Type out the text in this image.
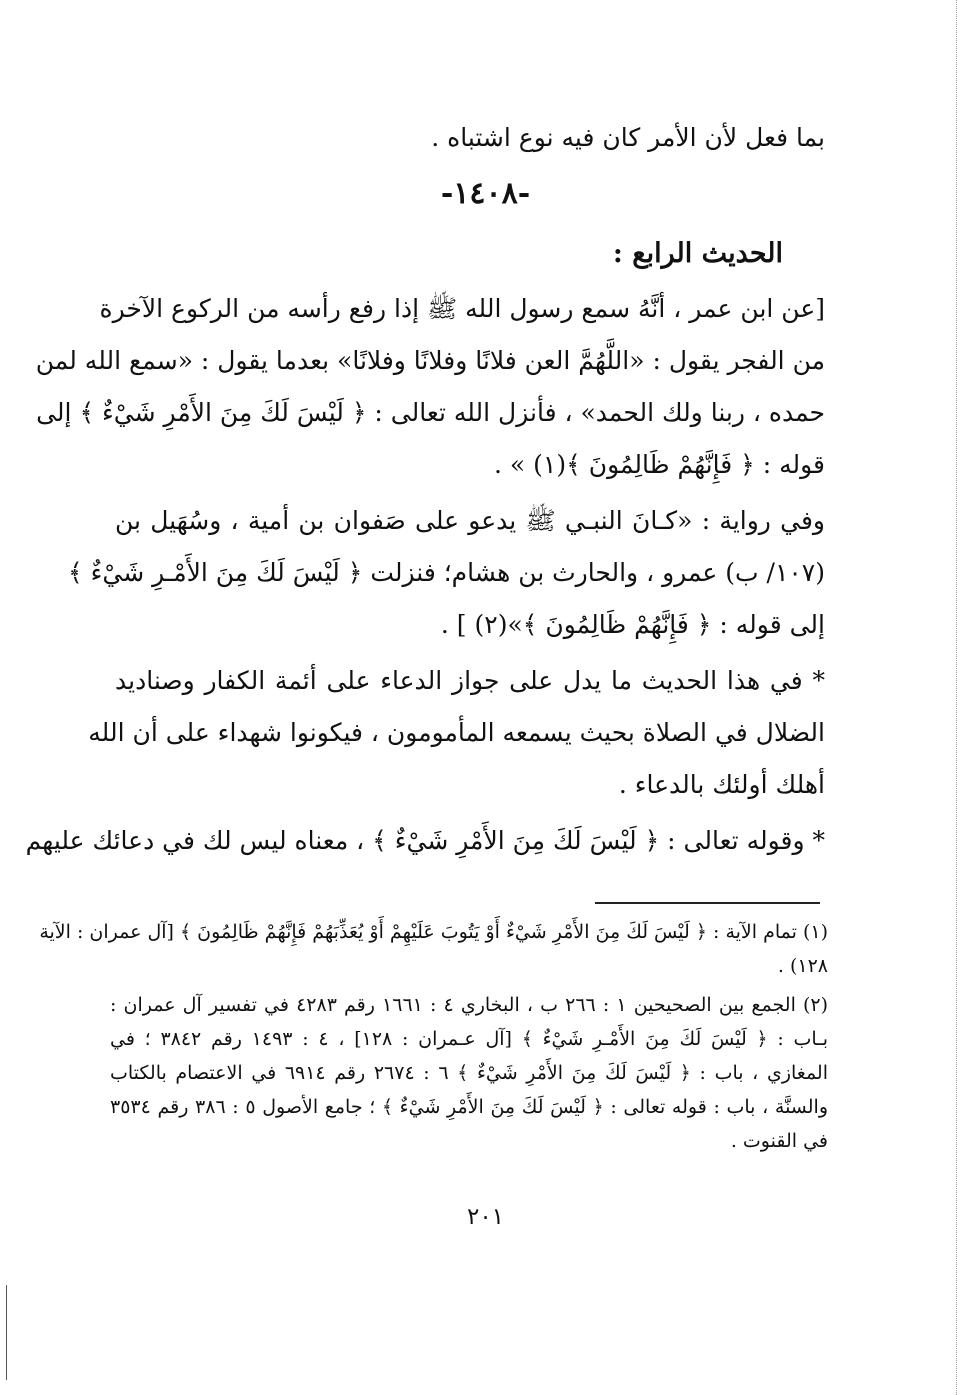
بما فعل لأن الأمر كان فيه نوع اشتباه .
-١٤٠٨-
الحديث الرابع :
[عن ابن عمر ، أنَّهُ سمع رسول الله ﷺ إذا رفع رأسه من الركوع الآخرة
من الفجر يقول : «اللَّهُمَّ العن فلانًا وفلانًا وفلانًا» بعدما يقول : «سمع الله لمن
حمده ، ربنا ولك الحمد» ، فأنزل الله تعالى : ﴿ لَيْسَ لَكَ مِنَ الأَمْرِ شَيْءٌ ﴾ إلى
قوله : ﴿ فَإِنَّهُمْ ظَالِمُونَ ﴾(١) » .
وفي رواية : «كـانَ النبـي ﷺ يدعو على صَفوان بن أمية ، وسُهَيل بن
(١٠٧/ ب) عمرو ، والحارث بن هشام؛ فنزلت ﴿ لَيْسَ لَكَ مِنَ الأَمْـرِ شَيْءٌ ﴾
إلى قوله : ﴿ فَإِنَّهُمْ ظَالِمُونَ ﴾»(٢) ] .
* في هذا الحديث ما يدل على جواز الدعاء على أئمة الكفار وصناديد
الضلال في الصلاة بحيث يسمعه المأمومون ، فيكونوا شهداء على أن الله
أهلك أولئك بالدعاء .
* وقوله تعالى : ﴿ لَيْسَ لَكَ مِنَ الأَمْرِ شَيْءٌ ﴾ ، معناه ليس لك في دعائك عليهم
(١) تمام الآية : ﴿ لَيْسَ لَكَ مِنَ الأَمْرِ شَيْءٌ أَوْ يَتُوبَ عَلَيْهِمْ أَوْ يُعَذِّبَهُمْ فَإِنَّهُمْ ظَالِمُونَ ﴾ [آل عمران : الآية
١٢٨) .
(٢) الجمع بين الصحيحين ١ : ٢٦٦ ب ، البخاري ٤ : ١٦٦١ رقم ٤٢٨٣ في تفسير آل عمران :
بـاب : ﴿ لَيْسَ لَكَ مِنَ الأَمْـرِ شَيْءٌ ﴾ [آل عـمران : ١٢٨] ، ٤ : ١٤٩٣ رقم ٣٨٤٢ ؛ في
المغازي ، باب : ﴿ لَيْسَ لَكَ مِنَ الأَمْرِ شَيْءٌ ﴾ ٦ : ٢٦٧٤ رقم ٦٩١٤ في الاعتصام بالكتاب
والسنَّة ، باب : قوله تعالى : ﴿ لَيْسَ لَكَ مِنَ الأَمْرِ شَيْءٌ ﴾ ؛ جامع الأصول ٥ : ٣٨٦ رقم ٣٥٣٤
في القنوت .
٢٠١
